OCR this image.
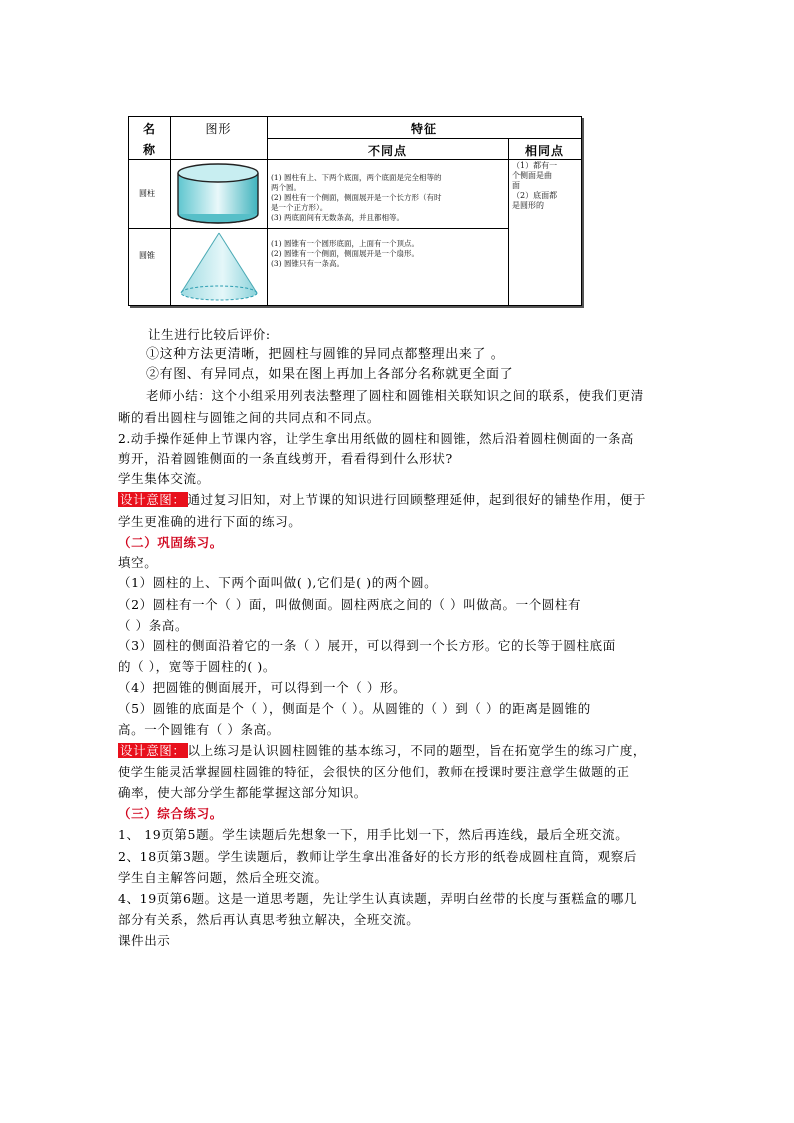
名
称
图形	特征
不同点	相同点
圆柱
(1) 圆柱有上、下两个底面，两个底面是完全相等的
两个圆。
(2) 圆柱有一个侧面，侧面展开是一个长方形（有时
是一个正方形）。
(3) 两底面间有无数条高，并且都相等。
（1）都有一
个侧面是曲
面
（2）底面都
是圆形的
圆锥
(1) 圆锥有一个圆形底面，上面有一个顶点。
(2) 圆锥有一个侧面，侧面展开是一个扇形。
(3) 圆锥只有一条高。
让生进行比较后评价:
①这种方法更清晰，把圆柱与圆锥的异同点都整理出来了 。
②有图、有异同点，如果在图上再加上各部分名称就更全面了
老师小结：这个小组采用列表法整理了圆柱和圆锥相关联知识之间的联系，使我们更清
晰的看出圆柱与圆锥之间的共同点和不同点。
2.动手操作延伸上节课内容，让学生拿出用纸做的圆柱和圆锥，然后沿着圆柱侧面的一条高
剪开，沿着圆锥侧面的一条直线剪开，看看得到什么形状?
学生集体交流。
设计意图： 通过复习旧知，对上节课的知识进行回顾整理延伸，起到很好的铺垫作用，便于
学生更准确的进行下面的练习。
（二）巩固练习。
填空。
（1）圆柱的上、下两个面叫做( ),它们是( )的两个圆。
（2）圆柱有一个（ ）面，叫做侧面。圆柱两底之间的（ ）叫做高。一个圆柱有
（ ）条高。
（3）圆柱的侧面沿着它的一条（ ）展开，可以得到一个长方形。它的长等于圆柱底面
的（ ），宽等于圆柱的( )。
（4）把圆锥的侧面展开，可以得到一个（ ）形。
（5）圆锥的底面是个（ ），侧面是个（ ）。从圆锥的（ ）到（ ）的距离是圆锥的
高。一个圆锥有（ ）条高。
设计意图： 以上练习是认识圆柱圆锥的基本练习，不同的题型，旨在拓宽学生的练习广度，
使学生能灵活掌握圆柱圆锥的特征，会很快的区分他们，教师在授课时要注意学生做题的正
确率，使大部分学生都能掌握这部分知识。
（三）综合练习。
1、 19页第5题。学生读题后先想象一下，用手比划一下，然后再连线，最后全班交流。
2、18页第3题。学生读题后，教师让学生拿出准备好的长方形的纸卷成圆柱直筒，观察后
学生自主解答问题，然后全班交流。
4、19页第6题。这是一道思考题，先让学生认真读题，弄明白丝带的长度与蛋糕盒的哪几
部分有关系，然后再认真思考独立解决，全班交流。
课件出示
